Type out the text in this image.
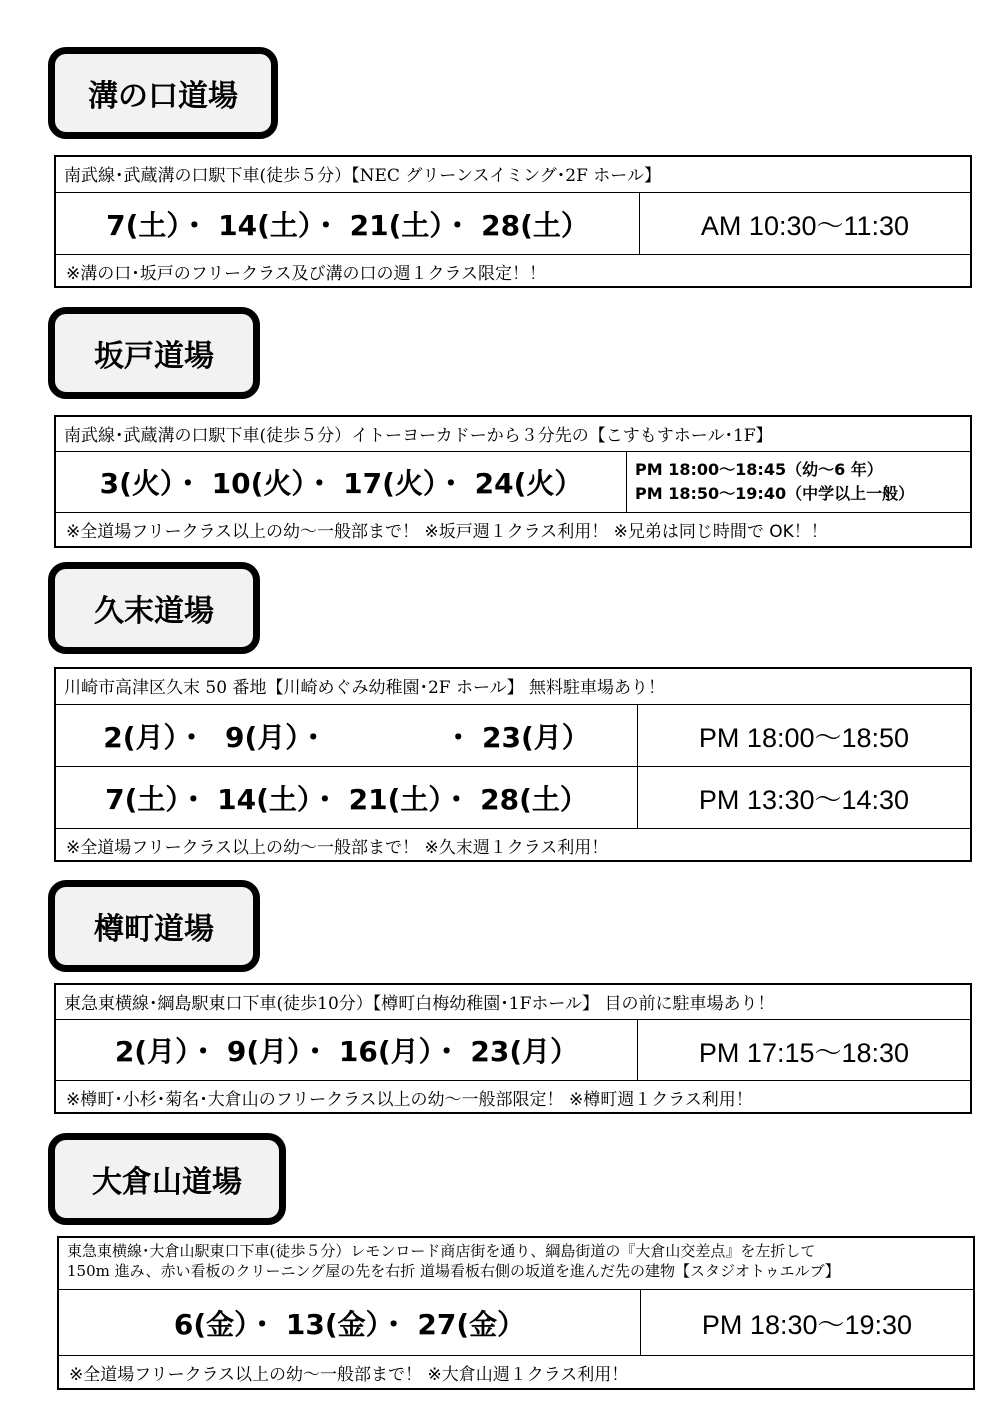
溝の口道場
南武線･武蔵溝の口駅下車(徒歩５分）【NEC グリーンスイミング･2F ホール】
7(土）・ 14(土）・ 21(土）・ 28(土）	AM 10:30～11:30
※溝の口･坂戸のフリークラス及び溝の口の週１クラス限定！！
坂戸道場
南武線･武蔵溝の口駅下車(徒歩５分）イトーヨーカドーから３分先の【こすもすホール･1F】
3(火）・ 10(火）・ 17(火）・ 24(火）	PM 18:00～18:45（幼～6 年）
PM 18:50～19:40（中学以上一般）
※全道場フリークラス以上の幼～一般部まで！ ※坂戸週１クラス利用！ ※兄弟は同じ時間で OK！！
久末道場
川崎市高津区久末 50 番地【川崎めぐみ幼稚園･2F ホール】 無料駐車場あり！
2(月）・  9(月）・            ・ 23(月）	PM 18:00～18:50
7(土）・ 14(土）・ 21(土）・ 28(土）	PM 13:30～14:30
※全道場フリークラス以上の幼～一般部まで！ ※久末週１クラス利用！
樽町道場
東急東横線･綱島駅東口下車(徒歩10分）【樽町白梅幼稚園･1Fホール】 目の前に駐車場あり！
2(月）・ 9(月）・ 16(月）・ 23(月）	PM 17:15～18:30
※樽町･小杉･菊名･大倉山のフリークラス以上の幼～一般部限定！ ※樽町週１クラス利用！
大倉山道場
東急東横線･大倉山駅東口下車(徒歩５分）レモンロード商店街を通り、綱島街道の『大倉山交差点』を左折して
150m 進み、赤い看板のクリーニング屋の先を右折 道場看板右側の坂道を進んだ先の建物【スタジオトゥエルブ】
6(金）・ 13(金）・ 27(金）	PM 18:30～19:30
※全道場フリークラス以上の幼～一般部まで！ ※大倉山週１クラス利用！
